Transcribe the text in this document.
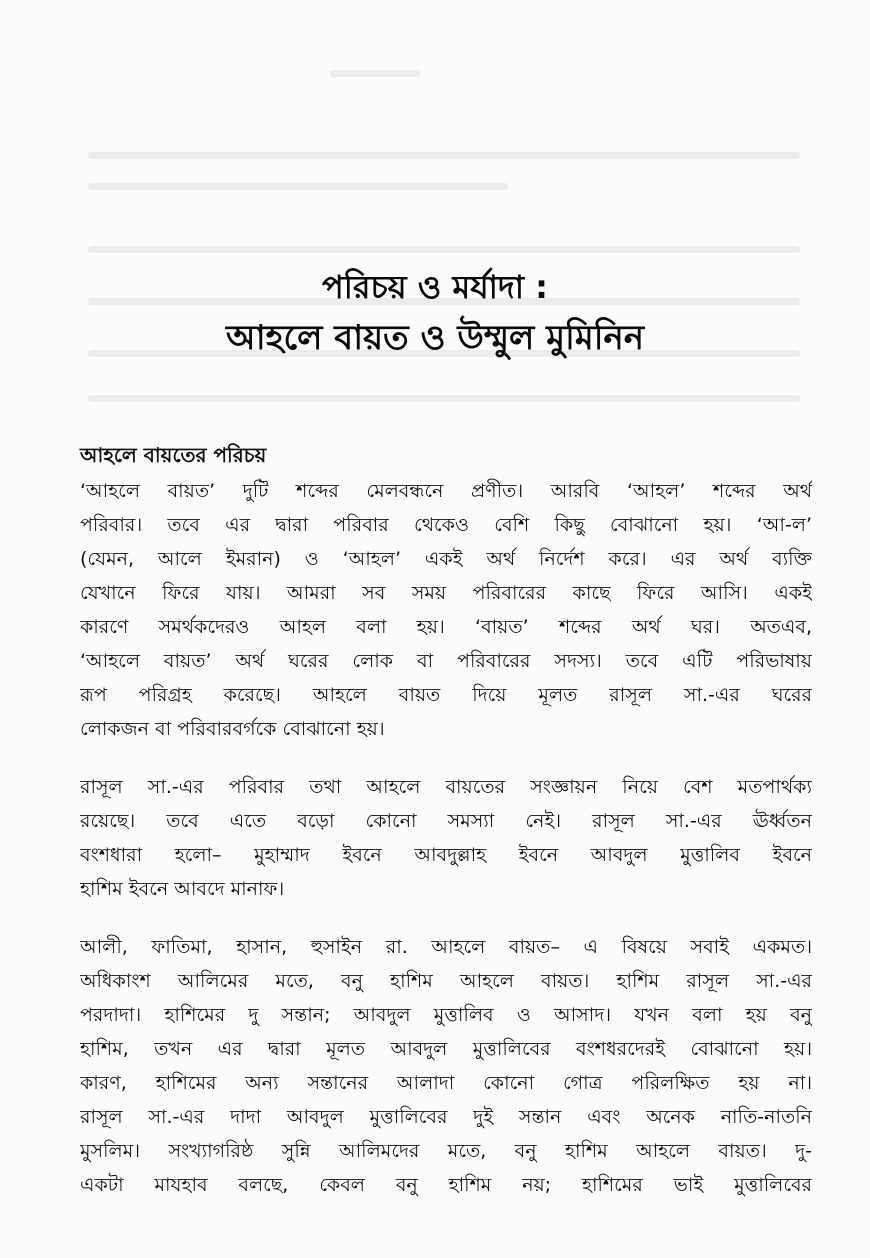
পরিচয় ও মর্যাদা :
আহলে বায়ত ও উম্মুল মুমিনিন
আহলে বায়তের পরিচয়
‘আহলে বায়ত’ দুটি শব্দের মেলবন্ধনে প্রণীত। আরবি ‘আহল’ শব্দের অর্থ
পরিবার। তবে এর দ্বারা পরিবার থেকেও বেশি কিছু বোঝানো হয়। ‘আ-ল’
(যেমন, আলে ইমরান) ও ‘আহল’ একই অর্থ নির্দেশ করে। এর অর্থ ব্যক্তি
যেখানে ফিরে যায়। আমরা সব সময় পরিবারের কাছে ফিরে আসি। একই
কারণে সমর্থকদেরও আহল বলা হয়। ‘বায়ত’ শব্দের অর্থ ঘর। অতএব,
‘আহলে বায়ত’ অর্থ ঘরের লোক বা পরিবারের সদস্য। তবে এটি পরিভাষায়
রূপ পরিগ্রহ করেছে। আহলে বায়ত দিয়ে মূলত রাসূল সা.-এর ঘরের
লোকজন বা পরিবারবর্গকে বোঝানো হয়।
রাসূল সা.-এর পরিবার তথা আহলে বায়তের সংজ্ঞায়ন নিয়ে বেশ মতপার্থক্য
রয়েছে। তবে এতে বড়ো কোনো সমস্যা নেই। রাসূল সা.-এর ঊর্ধ্বতন
বংশধারা হলো– মুহাম্মাদ ইবনে আবদুল্লাহ ইবনে আবদুল মুত্তালিব ইবনে
হাশিম ইবনে আবদে মানাফ।
আলী, ফাতিমা, হাসান, হুসাইন রা. আহলে বায়ত– এ বিষয়ে সবাই একমত।
অধিকাংশ আলিমের মতে, বনু হাশিম আহলে বায়ত। হাশিম রাসূল সা.-এর
পরদাদা। হাশিমের দু সন্তান; আবদুল মুত্তালিব ও আসাদ। যখন বলা হয় বনু
হাশিম, তখন এর দ্বারা মূলত আবদুল মুত্তালিবের বংশধরদেরই বোঝানো হয়।
কারণ, হাশিমের অন্য সন্তানের আলাদা কোনো গোত্র পরিলক্ষিত হয় না।
রাসূল সা.-এর দাদা আবদুল মুত্তালিবের দুই সন্তান এবং অনেক নাতি-নাতনি
মুসলিম। সংখ্যাগরিষ্ঠ সুন্নি আলিমদের মতে, বনু হাশিম আহলে বায়ত। দু-
একটা মাযহাব বলছে, কেবল বনু হাশিম নয়; হাশিমের ভাই মুত্তালিবের
